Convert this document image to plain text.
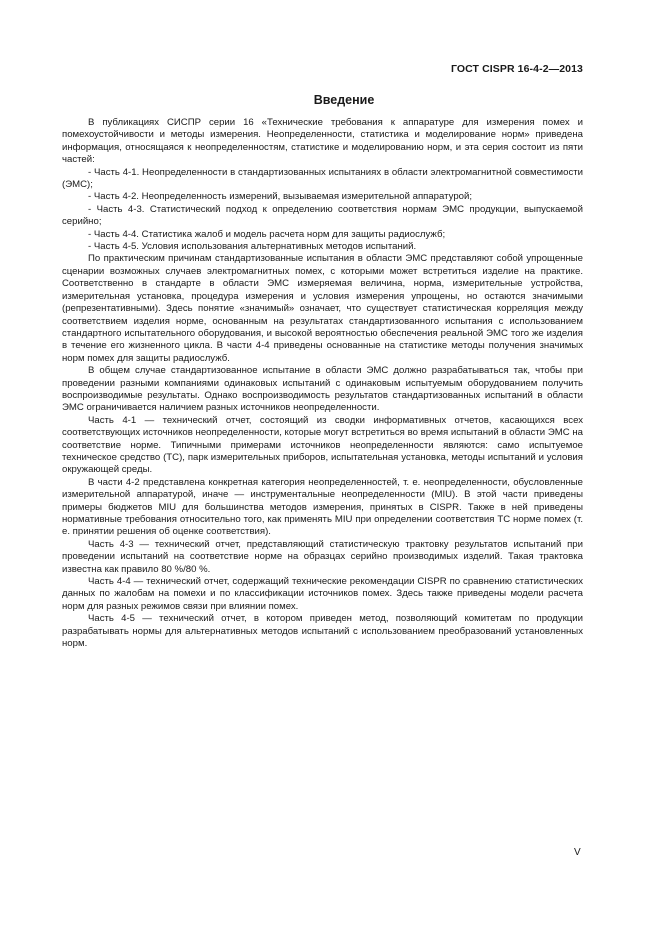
ГОСТ CISPR 16-4-2—2013
Введение

В публикациях СИСПР серии 16 «Технические требования к аппаратуре для измерения помех и помехоустойчивости и методы измерения. Неопределенности, статистика и моделирование норм» приведена информация, относящаяся к неопределенностям, статистике и моделированию норм, и эта серия состоит из пяти частей:

- Часть 4-1. Неопределенности в стандартизованных испытаниях в области электромагнитной совместимости (ЭМС);

- Часть 4-2. Неопределенность измерений, вызываемая измерительной аппаратурой;

- Часть 4-3. Статистический подход к определению соответствия нормам ЭМС продукции, выпускаемой серийно;

- Часть 4-4. Статистика жалоб и модель расчета норм для защиты радиослужб;

- Часть 4-5. Условия использования альтернативных методов испытаний.

По практическим причинам стандартизованные испытания в области ЭМС представляют собой упрощенные сценарии возможных случаев электромагнитных помех, с которыми может встретиться изделие на практике. Соответственно в стандарте в области ЭМС измеряемая величина, норма, измерительные устройства, измерительная установка, процедура измерения и условия измерения упрощены, но остаются значимыми (репрезентативными). Здесь понятие «значимый» означает, что существует статистическая корреляция между соответствием изделия норме, основанным на результатах стандартизованного испытания с использованием стандартного испытательного оборудования, и высокой вероятностью обеспечения реальной ЭМС того же изделия в течение его жизненного цикла. В части 4-4 приведены основанные на статистике методы получения значимых норм помех для защиты радиослужб.

В общем случае стандартизованное испытание в области ЭМС должно разрабатываться так, чтобы при проведении разными компаниями одинаковых испытаний с одинаковым испытуемым оборудованием получить воспроизводимые результаты. Однако воспроизводимость результатов стандартизованных испытаний в области ЭМС ограничивается наличием разных источников неопределенности.

Часть 4-1 — технический отчет, состоящий из сводки информативных отчетов, касающихся всех соответствующих источников неопределенности, которые могут встретиться во время испытаний в области ЭМС на соответствие норме. Типичными примерами источников неопределенности являются: само испытуемое техническое средство (ТС), парк измерительных приборов, испытательная установка, методы испытаний и условия окружающей среды.

В части 4-2 представлена конкретная категория неопределенностей, т. е. неопределенности, обусловленные измерительной аппаратурой, иначе — инструментальные неопределенности (MIU). В этой части приведены примеры бюджетов MIU для большинства методов измерения, принятых в CISPR. Также в ней приведены нормативные требования относительно того, как применять MIU при определении соответствия ТС норме помех (т. е. принятии решения об оценке соответствия).

Часть 4-3 — технический отчет, представляющий статистическую трактовку результатов испытаний при проведении испытаний на соответствие норме на образцах серийно производимых изделий. Такая трактовка известна как правило 80 %/80 %.

Часть 4-4 — технический отчет, содержащий технические рекомендации CISPR по сравнению статистических данных по жалобам на помехи и по классификации источников помех. Здесь также приведены модели расчета норм для разных режимов связи при влиянии помех.

Часть 4-5 — технический отчет, в котором приведен метод, позволяющий комитетам по продукции разрабатывать нормы для альтернативных методов испытаний с использованием преобразований установленных норм.

V
